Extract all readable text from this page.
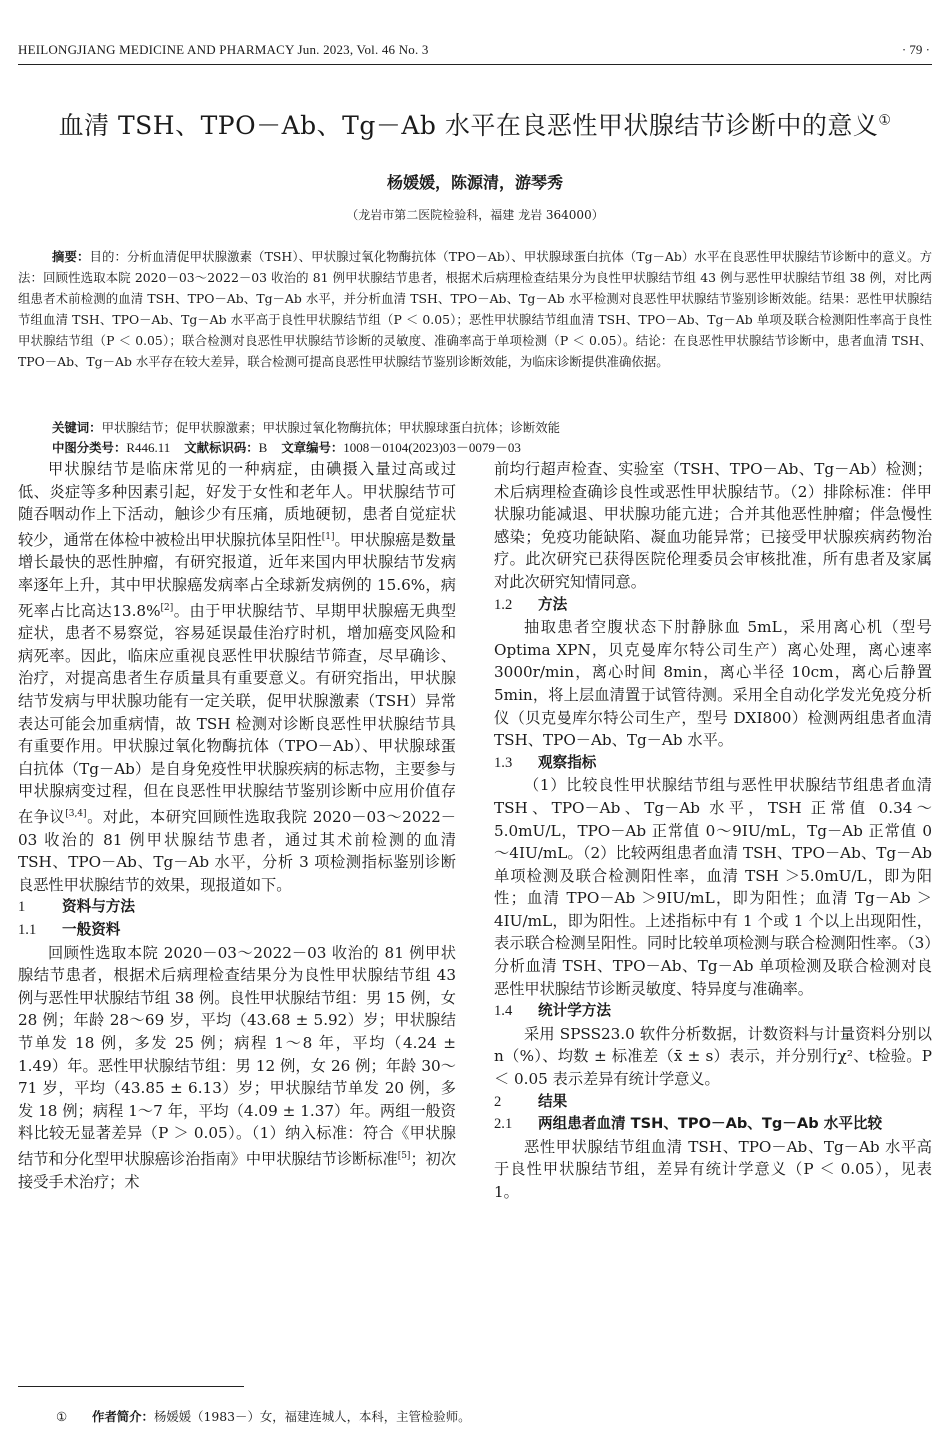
HEILONGJIANG MEDICINE AND PHARMACY Jun. 2023, Vol. 46 No. 3	· 79 ·
血清 TSH、TPO－Ab、Tg－Ab 水平在良恶性甲状腺结节诊断中的意义①
杨媛媛，陈源清，游琴秀
（龙岩市第二医院检验科，福建 龙岩 364000）
摘要：目的：分析血清促甲状腺激素（TSH）、甲状腺过氧化物酶抗体（TPO－Ab）、甲状腺球蛋白抗体（Tg－Ab）水平在良恶性甲状腺结节诊断中的意义。方法：回顾性选取本院 2020－03～2022－03 收治的 81 例甲状腺结节患者，根据术后病理检查结果分为良性甲状腺结节组 43 例与恶性甲状腺结节组 38 例，对比两组患者术前检测的血清 TSH、TPO－Ab、Tg－Ab 水平，并分析血清 TSH、TPO－Ab、Tg－Ab 水平检测对良恶性甲状腺结节鉴别诊断效能。结果：恶性甲状腺结节组血清 TSH、TPO－Ab、Tg－Ab 水平高于良性甲状腺结节组（P ＜ 0.05）；恶性甲状腺结节组血清 TSH、TPO－Ab、Tg－Ab 单项及联合检测阳性率高于良性甲状腺结节组（P ＜ 0.05）；联合检测对良恶性甲状腺结节诊断的灵敏度、准确率高于单项检测（P ＜ 0.05）。结论：在良恶性甲状腺结节诊断中，患者血清 TSH、TPO－Ab、Tg－Ab 水平存在较大差异，联合检测可提高良恶性甲状腺结节鉴别诊断效能，为临床诊断提供准确依据。
关键词：甲状腺结节；促甲状腺激素；甲状腺过氧化物酶抗体；甲状腺球蛋白抗体；诊断效能
中图分类号：R446.11 文献标识码：B 文章编号：1008－0104(2023)03－0079－03

甲状腺结节是临床常见的一种病症，由碘摄入量过高或过低、炎症等多种因素引起，好发于女性和老年人。甲状腺结节可随吞咽动作上下活动，触诊少有压痛，质地硬韧，患者自觉症状较少，通常在体检中被检出甲状腺抗体呈阳性[1]。甲状腺癌是数量增长最快的恶性肿瘤，有研究报道，近年来国内甲状腺结节发病率逐年上升，其中甲状腺癌发病率占全球新发病例的 15.6%，病死率占比高达13.8%[2]。由于甲状腺结节、早期甲状腺癌无典型症状，患者不易察觉，容易延误最佳治疗时机，增加癌变风险和病死率。因此，临床应重视良恶性甲状腺结节筛查，尽早确诊、治疗，对提高患者生存质量具有重要意义。有研究指出，甲状腺结节发病与甲状腺功能有一定关联，促甲状腺激素（TSH）异常表达可能会加重病情，故 TSH 检测对诊断良恶性甲状腺结节具有重要作用。甲状腺过氧化物酶抗体（TPO－Ab）、甲状腺球蛋白抗体（Tg－Ab）是自身免疫性甲状腺疾病的标志物，主要参与甲状腺病变过程，但在良恶性甲状腺结节鉴别诊断中应用价值存在争议[3,4]。对此，本研究回顾性选取我院 2020－03～2022－03 收治的 81 例甲状腺结节患者，通过其术前检测的血清 TSH、TPO－Ab、Tg－Ab 水平，分析 3 项检测指标鉴别诊断良恶性甲状腺结节的效果，现报道如下。

1	资料与方法

1.1 一般资料

回顾性选取本院 2020－03～2022－03 收治的 81 例甲状腺结节患者，根据术后病理检查结果分为良性甲状腺结节组 43 例与恶性甲状腺结节组 38 例。良性甲状腺结节组：男 15 例，女 28 例；年龄 28～69 岁，平均（43.68 ± 5.92）岁；甲状腺结节单发 18 例，多发 25 例；病程 1～8 年，平均（4.24 ± 1.49）年。恶性甲状腺结节组：男 12 例，女 26 例；年龄 30～71 岁，平均（43.85 ± 6.13）岁；甲状腺结节单发 20 例，多发 18 例；病程 1～7 年，平均（4.09 ± 1.37）年。两组一般资料比较无显著差异（P ＞ 0.05）。（1）纳入标准：符合《甲状腺结节和分化型甲状腺癌诊治指南》中甲状腺结节诊断标准[5]；初次接受手术治疗；术

前均行超声检查、实验室（TSH、TPO－Ab、Tg－Ab）检测；术后病理检查确诊良性或恶性甲状腺结节。（2）排除标准：伴甲状腺功能减退、甲状腺功能亢进；合并其他恶性肿瘤；伴急慢性感染；免疫功能缺陷、凝血功能异常；已接受甲状腺疾病药物治疗。此次研究已获得医院伦理委员会审核批准，所有患者及家属对此次研究知情同意。

1.2 方法

抽取患者空腹状态下肘静脉血 5mL，采用离心机（型号 Optima XPN，贝克曼库尔特公司生产）离心处理，离心速率 3000r/min，离心时间 8min，离心半径 10cm，离心后静置 5min，将上层血清置于试管待测。采用全自动化学发光免疫分析仪（贝克曼库尔特公司生产，型号 DXI800）检测两组患者血清 TSH、TPO－Ab、Tg－Ab 水平。

1.3 观察指标

（1）比较良性甲状腺结节组与恶性甲状腺结节组患者血清 TSH、TPO－Ab、Tg－Ab 水平，TSH 正常值 0.34～5.0mU/L，TPO－Ab 正常值 0～9IU/mL，Tg－Ab 正常值 0～4IU/mL。（2）比较两组患者血清 TSH、TPO－Ab、Tg－Ab 单项检测及联合检测阳性率，血清 TSH ＞5.0mU/L，即为阳性；血清 TPO－Ab ＞9IU/mL，即为阳性；血清 Tg－Ab ＞4IU/mL，即为阳性。上述指标中有 1 个或 1 个以上出现阳性，表示联合检测呈阳性。同时比较单项检测与联合检测阳性率。（3）分析血清 TSH、TPO－Ab、Tg－Ab 单项检测及联合检测对良恶性甲状腺结节诊断灵敏度、特异度与准确率。

1.4 统计学方法

采用 SPSS23.0 软件分析数据，计数资料与计量资料分别以n（%）、均数 ± 标准差（x̄ ± s）表示，并分别行χ²、t检验。P ＜ 0.05 表示差异有统计学意义。

2	结果

2.1 两组患者血清 TSH、TPO－Ab、Tg－Ab 水平比较

恶性甲状腺结节组血清 TSH、TPO－Ab、Tg－Ab 水平高于良性甲状腺结节组，差异有统计学意义（P ＜ 0.05），见表 1。

① 作者简介：杨媛媛（1983－）女，福建连城人，本科，主管检验师。
